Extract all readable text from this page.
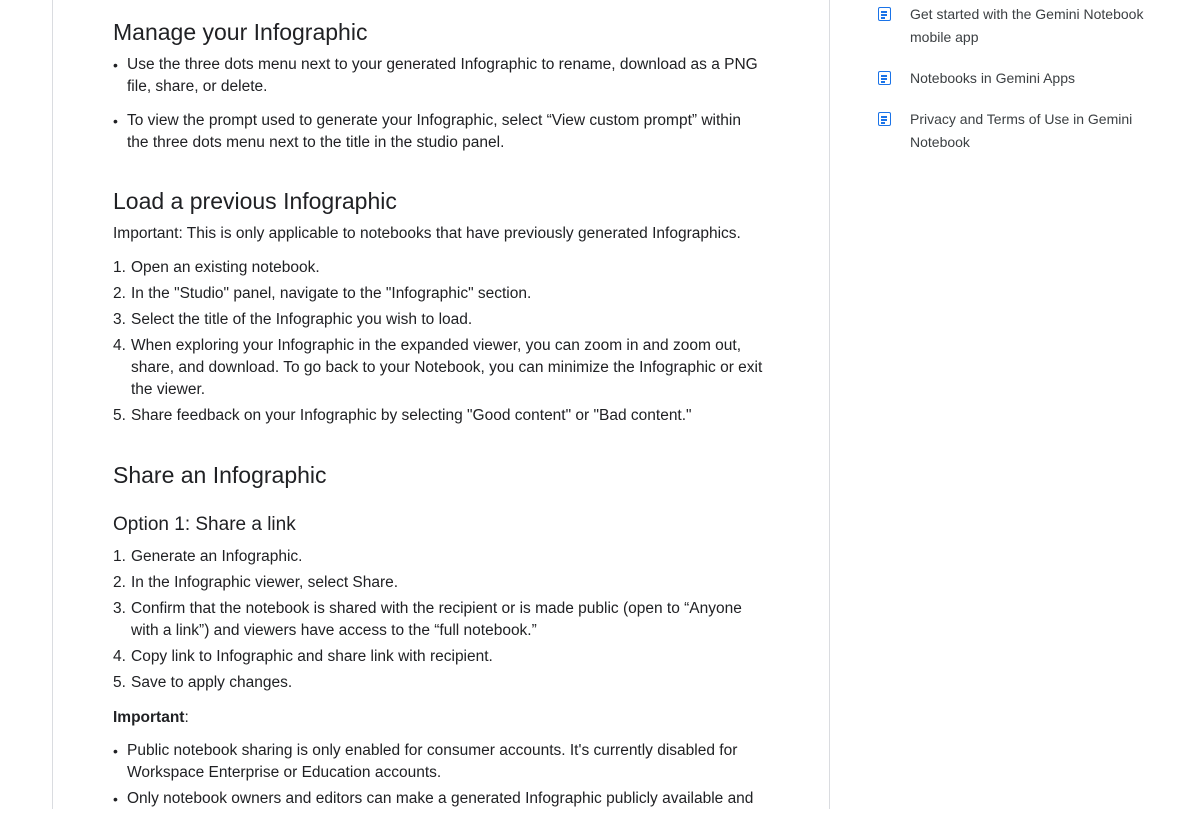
Manage your Infographic
• Use the three dots menu next to your generated Infographic to rename, download as a PNG
file, share, or delete.
• To view the prompt used to generate your Infographic, select “View custom prompt” within
the three dots menu next to the title in the studio panel.
Load a previous Infographic

Important: This is only applicable to notebooks that have previously generated Infographics.

1. Open an existing notebook.
2. In the "Studio" panel, navigate to the "Infographic" section.
3. Select the title of the Infographic you wish to load.
4. When exploring your Infographic in the expanded viewer, you can zoom in and zoom out,
share, and download. To go back to your Notebook, you can minimize the Infographic or exit
the viewer.
5. Share feedback on your Infographic by selecting "Good content" or "Bad content."
Share an Infographic
Option 1: Share a link
1. Generate an Infographic.
2. In the Infographic viewer, select Share.
3. Confirm that the notebook is shared with the recipient or is made public (open to “Anyone
with a link”) and viewers have access to the “full notebook.”
4. Copy link to Infographic and share link with recipient.
5. Save to apply changes.

Important:

• Public notebook sharing is only enabled for consumer accounts. It's currently disabled for
Workspace Enterprise or Education accounts.
• Only notebook owners and editors can make a generated Infographic publicly available and
Get started with the Gemini Notebook
mobile app
Notebooks in Gemini Apps
Privacy and Terms of Use in Gemini
Notebook
